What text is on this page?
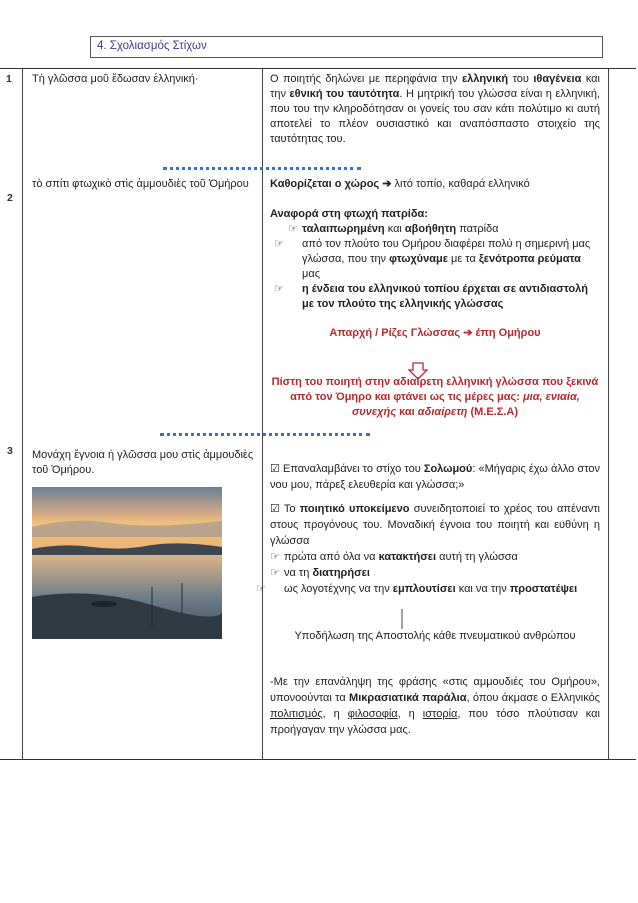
4. Σχολιασμός Στίχων
1 Τὴ γλῶσσα μοῦ ἔδωσαν ἑλληνική·	Ο ποιητής δηλώνει με περηφάνια την ελληνική του ιθαγένεια και την εθνική του ταυτότητα. Η μητρική του γλώσσα είναι η ελληνική, που του την κληροδότησαν οι γονείς του σαν κάτι πολύτιμο κι αυτή αποτελεί το πλέον ουσιαστικό και αναπόσπαστο στοιχείο της ταυτότητας του.
2
τὸ σπίτι φτωχικὸ στὶς ἀμμουδιὲς τοῦ Ὁμήρου	Καθορίζεται ο χώρος ➔ λιτό τοπίο, καθαρά ελληνικό
Αναφορά στη φτωχή πατρίδα:
☞ ταλαιπωρημένη και αβοήθητη πατρίδα
☞ από τον πλούτο του Ομήρου διαφέρει πολύ η σημερινή μας γλώσσα, που την φτωχύναμε με τα ξενότροπα ρεύματα μας
☞ η ένδεια του ελληνικού τοπίου έρχεται σε αντιδιαστολή με τον πλούτο της ελληνικής γλώσσας
Απαρχή / Ρίζες Γλώσσας ➔ έπη Ομήρου
Πίστη του ποιητή στην αδιαίρετη ελληνική γλώσσα που ξεκινά από τον Όμηρο και φτάνει ως τις μέρες μας: μια, ενιαία, συνεχής και αδιαίρετη (Μ.Ε.Σ.Α)
3 Μονάχη ἔγνοια ἡ γλῶσσα μου στὶς ἀμμουδιὲς τοῦ Ὁμήρου.	☑ Επαναλαμβάνει το στίχο του Σολωμού: «Μήγαρις έχω άλλο στον νου μου, πάρεξ ελευθερία και γλώσσα;»
☑ Το ποιητικό υποκείμενο συνειδητοποιεί το χρέος του απέναντι στους προγόνους του. Μοναδική έγνοια του ποιητή και ευθύνη η γλώσσα
☞ πρώτα από όλα να κατακτήσει αυτή τη γλώσσα
☞ να τη διατηρήσει
☞ ως λογοτέχνης να την εμπλουτίσει και να την προστατέψει
Υποδήλωση της Αποστολής κάθε πνευματικού ανθρώπου
-Με την επανάληψη της φράσης «στις αμμουδιές του Ομήρου», υπονοούνται τα Μικρασιατικά παράλια, όπου άκμασε ο Ελληνικός πολιτισμός, η φιλοσοφία, η ιστορία, που τόσο πλούτισαν και προήγαγαν την γλώσσα μας.
